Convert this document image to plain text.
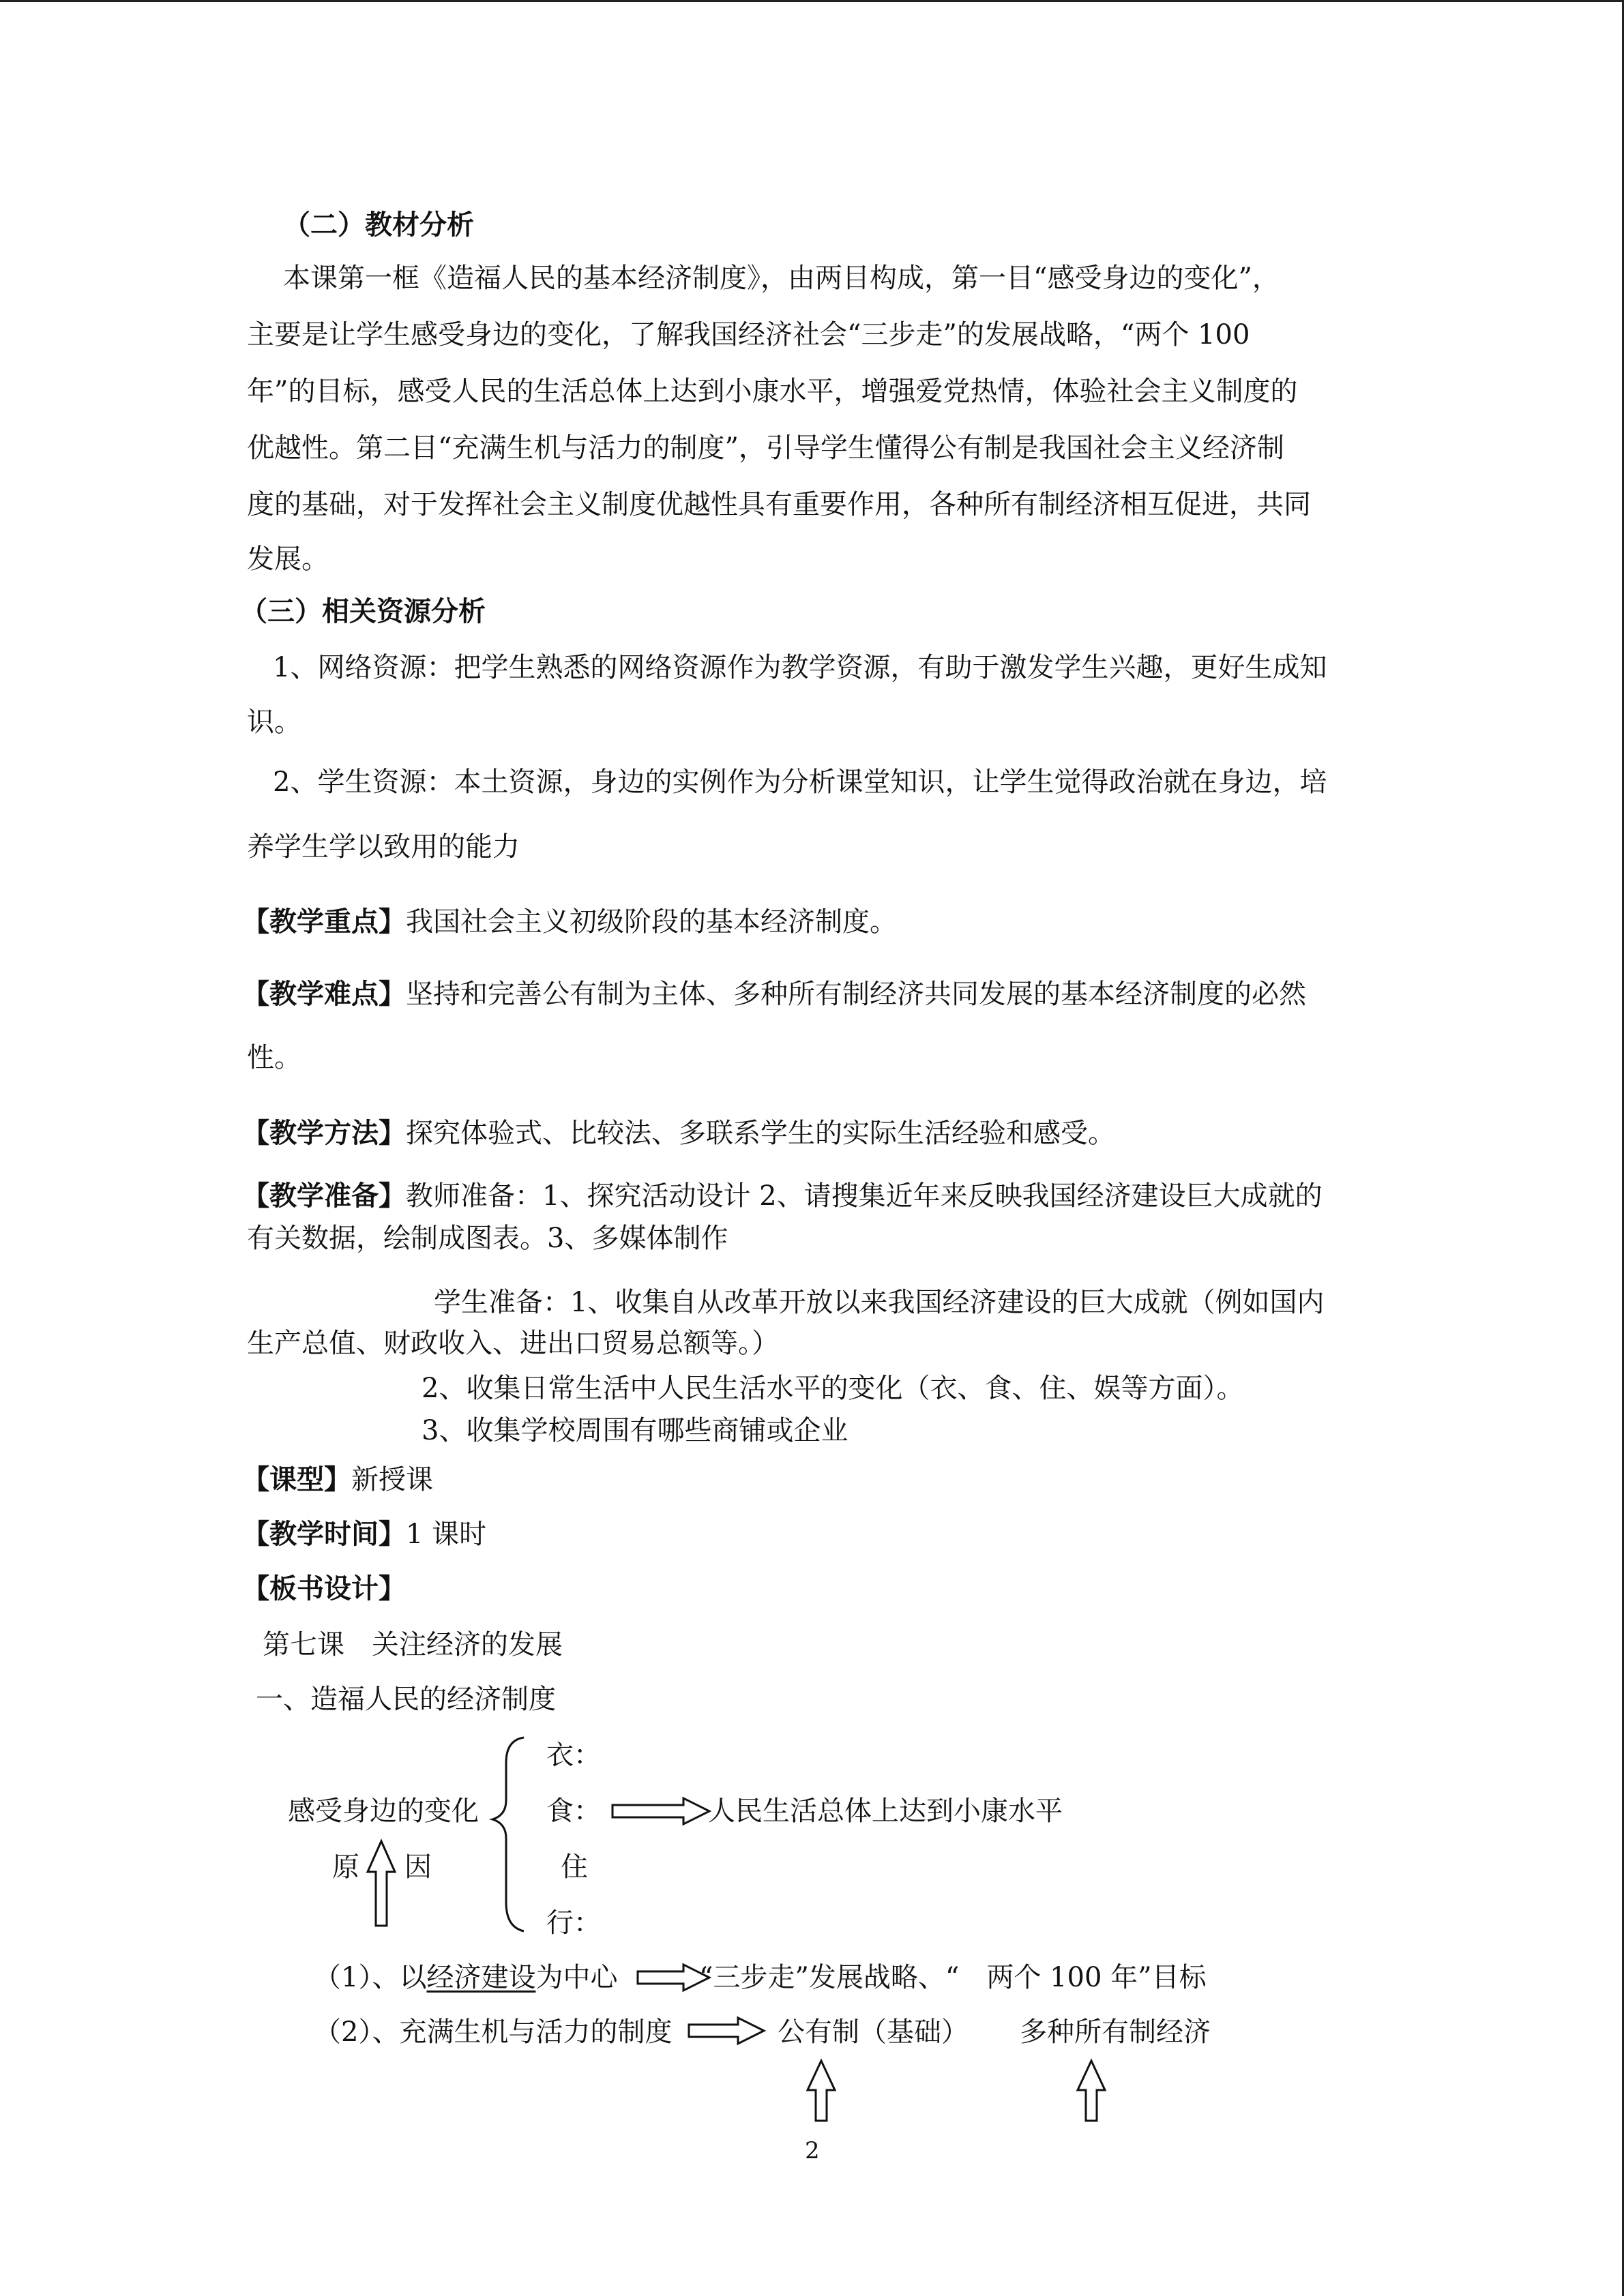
（二）教材分析
本课第一框《造福人民的基本经济制度》，由两目构成，第一目“感受身边的变化”，
主要是让学生感受身边的变化，了解我国经济社会“三步走”的发展战略，“两个 100
年”的目标，感受人民的生活总体上达到小康水平，增强爱党热情，体验社会主义制度的
优越性。第二目“充满生机与活力的制度”，引导学生懂得公有制是我国社会主义经济制
度的基础，对于发挥社会主义制度优越性具有重要作用，各种所有制经济相互促进，共同
发展。
（三）相关资源分析
1、网络资源：把学生熟悉的网络资源作为教学资源，有助于激发学生兴趣，更好生成知
识。
2、学生资源：本土资源，身边的实例作为分析课堂知识，让学生觉得政治就在身边，培
养学生学以致用的能力
【教学重点】我国社会主义初级阶段的基本经济制度。
【教学难点】坚持和完善公有制为主体、多种所有制经济共同发展的基本经济制度的必然
性。
【教学方法】探究体验式、比较法、多联系学生的实际生活经验和感受。
【教学准备】教师准备：1、探究活动设计 2、请搜集近年来反映我国经济建设巨大成就的
有关数据，绘制成图表。3、多媒体制作
学生准备：1、收集自从改革开放以来我国经济建设的巨大成就（例如国内
生产总值、财政收入、进出口贸易总额等。）
2、收集日常生活中人民生活水平的变化（衣、食、住、娱等方面）。
3、收集学校周围有哪些商铺或企业
【课型】新授课
【教学时间】1 课时
【板书设计】
第七课　关注经济的发展
一、造福人民的经济制度
衣：
感受身边的变化 食：	人民生活总体上达到小康水平
原 因	住
行：
（1）、以经济建设为中心	“三步走”发展战略、“　两个 100 年”目标
（2）、充满生机与活力的制度	公有制（基础） 多种所有制经济
2
